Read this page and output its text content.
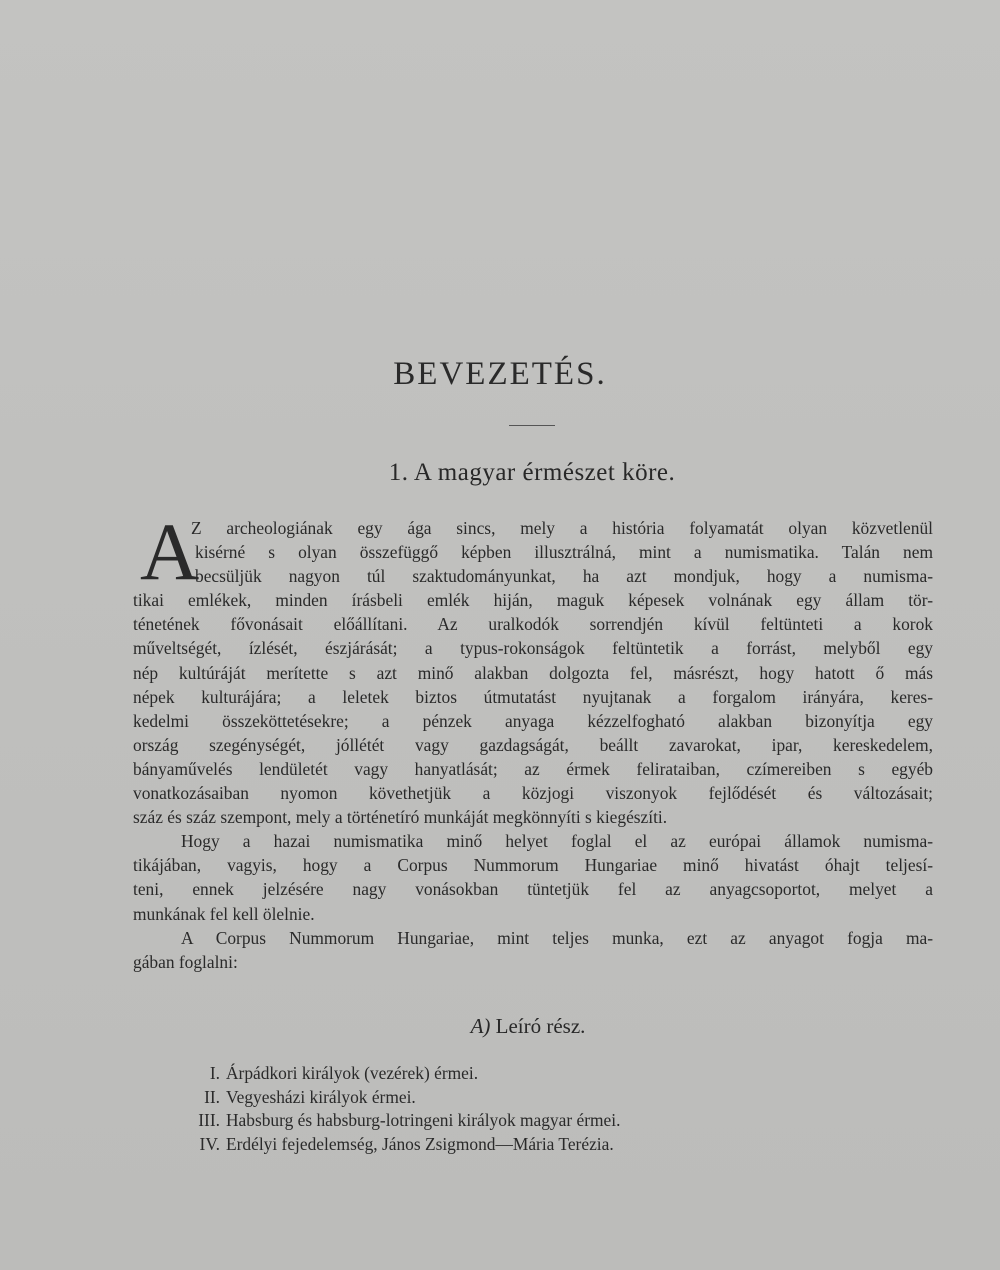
BEVEZETÉS.
1. A magyar érmészet köre.
A
Z archeologiának egy ága sincs, mely a história folyamatát olyan közvetlenül
kisérné s olyan összefüggő képben illusztrálná, mint a numismatika. Talán nem
becsüljük nagyon túl szaktudományunkat, ha azt mondjuk, hogy a numisma-
tikai emlékek, minden írásbeli emlék hiján, maguk képesek volnának egy állam tör-
ténetének fővonásait előállítani. Az uralkodók sorrendjén kívül feltünteti a korok
műveltségét, ízlését, észjárását; a typus-rokonságok feltüntetik a forrást, melyből egy
nép kultúráját merítette s azt minő alakban dolgozta fel, másrészt, hogy hatott ő más
népek kulturájára; a leletek biztos útmutatást nyujtanak a forgalom irányára, keres-
kedelmi összeköttetésekre; a pénzek anyaga kézzelfogható alakban bizonyítja egy
ország szegénységét, jóllétét vagy gazdagságát, beállt zavarokat, ipar, kereskedelem,
bányaművelés lendületét vagy hanyatlását; az érmek felirataiban, czímereiben s egyéb
vonatkozásaiban nyomon követhetjük a közjogi viszonyok fejlődését és változásait;
száz és száz szempont, mely a történetíró munkáját megkönnyíti s kiegészíti.
Hogy a hazai numismatika minő helyet foglal el az európai államok numisma-
tikájában, vagyis, hogy a Corpus Nummorum Hungariae minő hivatást óhajt teljesí-
teni, ennek jelzésére nagy vonásokban tüntetjük fel az anyagcsoportot, melyet a
munkának fel kell ölelnie.
A Corpus Nummorum Hungariae, mint teljes munka, ezt az anyagot fogja ma-
gában foglalni:
A) Leíró rész.
I. Árpádkori királyok (vezérek) érmei.
II. Vegyesházi királyok érmei.
III. Habsburg és habsburg-lotringeni királyok magyar érmei.
IV. Erdélyi fejedelemség, János Zsigmond—Mária Terézia.
